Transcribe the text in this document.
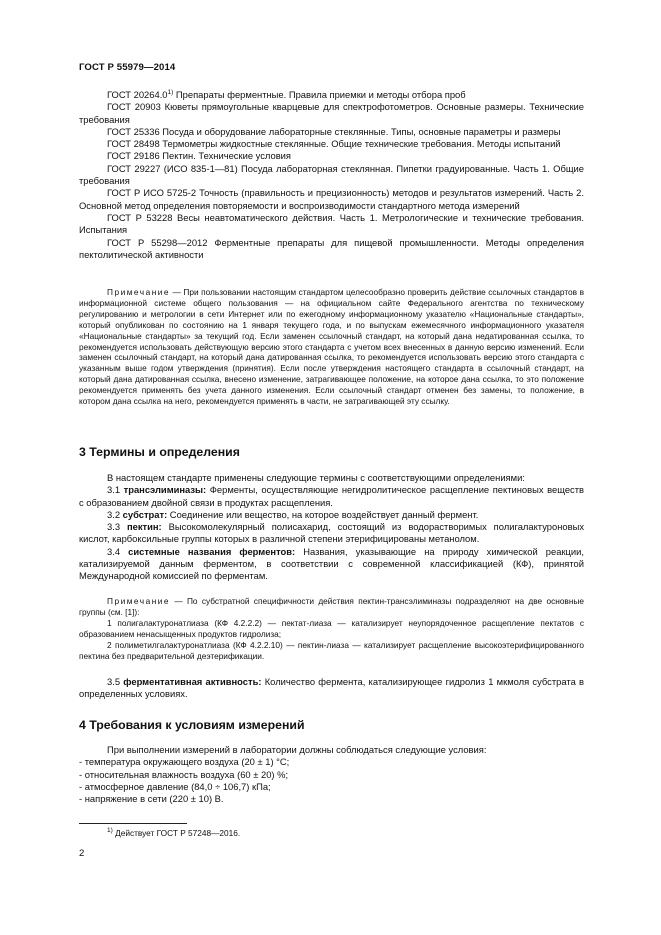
ГОСТ Р 55979—2014

ГОСТ 20264.0$^{1)}$ Препараты ферментные. Правила приемки и методы отбора проб

ГОСТ 20903 Кюветы прямоугольные кварцевые для спектрофотометров. Основные размеры. Технические требования

ГОСТ 25336 Посуда и оборудование лабораторные стеклянные. Типы, основные параметры и размеры

ГОСТ 28498 Термометры жидкостные стеклянные. Общие технические требования. Методы испытаний

ГОСТ 29186 Пектин. Технические условия

ГОСТ 29227 (ИСО 835-1—81) Посуда лабораторная стеклянная. Пипетки градуированные. Часть 1. Общие требования

ГОСТ Р ИСО 5725-2 Точность (правильность и прецизионность) методов и результатов измерений. Часть 2. Основной метод определения повторяемости и воспроизводимости стандартного метода измерений

ГОСТ Р 53228 Весы неавтоматического действия. Часть 1. Метрологические и технические требования. Испытания

ГОСТ Р 55298—2012 Ферментные препараты для пищевой промышленности. Методы определения пектолитической активности

Примечание — При пользовании настоящим стандартом целесообразно проверить действие ссылочных стандартов в информационной системе общего пользования — на официальном сайте Федерального агентства по техническому регулированию и метрологии в сети Интернет или по ежегодному информационному указателю «Национальные стандарты», который опубликован по состоянию на 1 января текущего года, и по выпускам ежемесячного информационного указателя «Национальные стандарты» за текущий год. Если заменен ссылочный стандарт, на который дана недатированная ссылка, то рекомендуется использовать действующую версию этого стандарта с учетом всех внесенных в данную версию изменений. Если заменен ссылочный стандарт, на который дана датированная ссылка, то рекомендуется использовать версию этого стандарта с указанным выше годом утверждения (принятия). Если после утверждения настоящего стандарта в ссылочный стандарт, на который дана датированная ссылка, внесено изменение, затрагивающее положение, на которое дана ссылка, то это положение рекомендуется применять без учета данного изменения. Если ссылочный стандарт отменен без замены, то положение, в котором дана ссылка на него, рекомендуется применять в части, не затрагивающей эту ссылку.

3 Термины и определения

В настоящем стандарте применены следующие термины с соответствующими определениями:

3.1 трансэлиминазы: Ферменты, осуществляющие негидролитическое расщепление пектиновых веществ с образованием двойной связи в продуктах расщепления.

3.2 субстрат: Соединение или вещество, на которое воздействует данный фермент.

3.3 пектин: Высокомолекулярный полисахарид, состоящий из водорастворимых полигалактуроновых кислот, карбоксильные группы которых в различной степени этерифицированы метанолом.

3.4 системные названия ферментов: Названия, указывающие на природу химической реакции, катализируемой данным ферментом, в соответствии с современной классификацией (КФ), принятой Международной комиссией по ферментам.

Примечание — По субстратной специфичности действия пектин-трансэлиминазы подразделяют на две основные группы (см. [1]):

1 полигалактуронатлиаза (КФ 4.2.2.2) — пектат-лиаза — катализирует неупорядоченное расщепление пектатов с образованием ненасыщенных продуктов гидролиза;

2 полиметилгалактуронатлиаза (КФ 4.2.2.10) — пектин-лиаза — катализирует расщепление высокоэтерифицированного пектина без предварительной деэтерификации.

3.5 ферментативная активность: Количество фермента, катализирующее гидролиз 1 мкмоля субстрата в определенных условиях.

4 Требования к условиям измерений

При выполнении измерений в лаборатории должны соблюдаться следующие условия:

- температура окружающего воздуха (20 ± 1) °С;

- относительная влажность воздуха (60 ± 20) %;

- атмосферное давление (84,0 ÷ 106,7) кПа;

- напряжение в сети (220 ± 10) В.

$^{1)}$ Действует ГОСТ Р 57248—2016.
2
